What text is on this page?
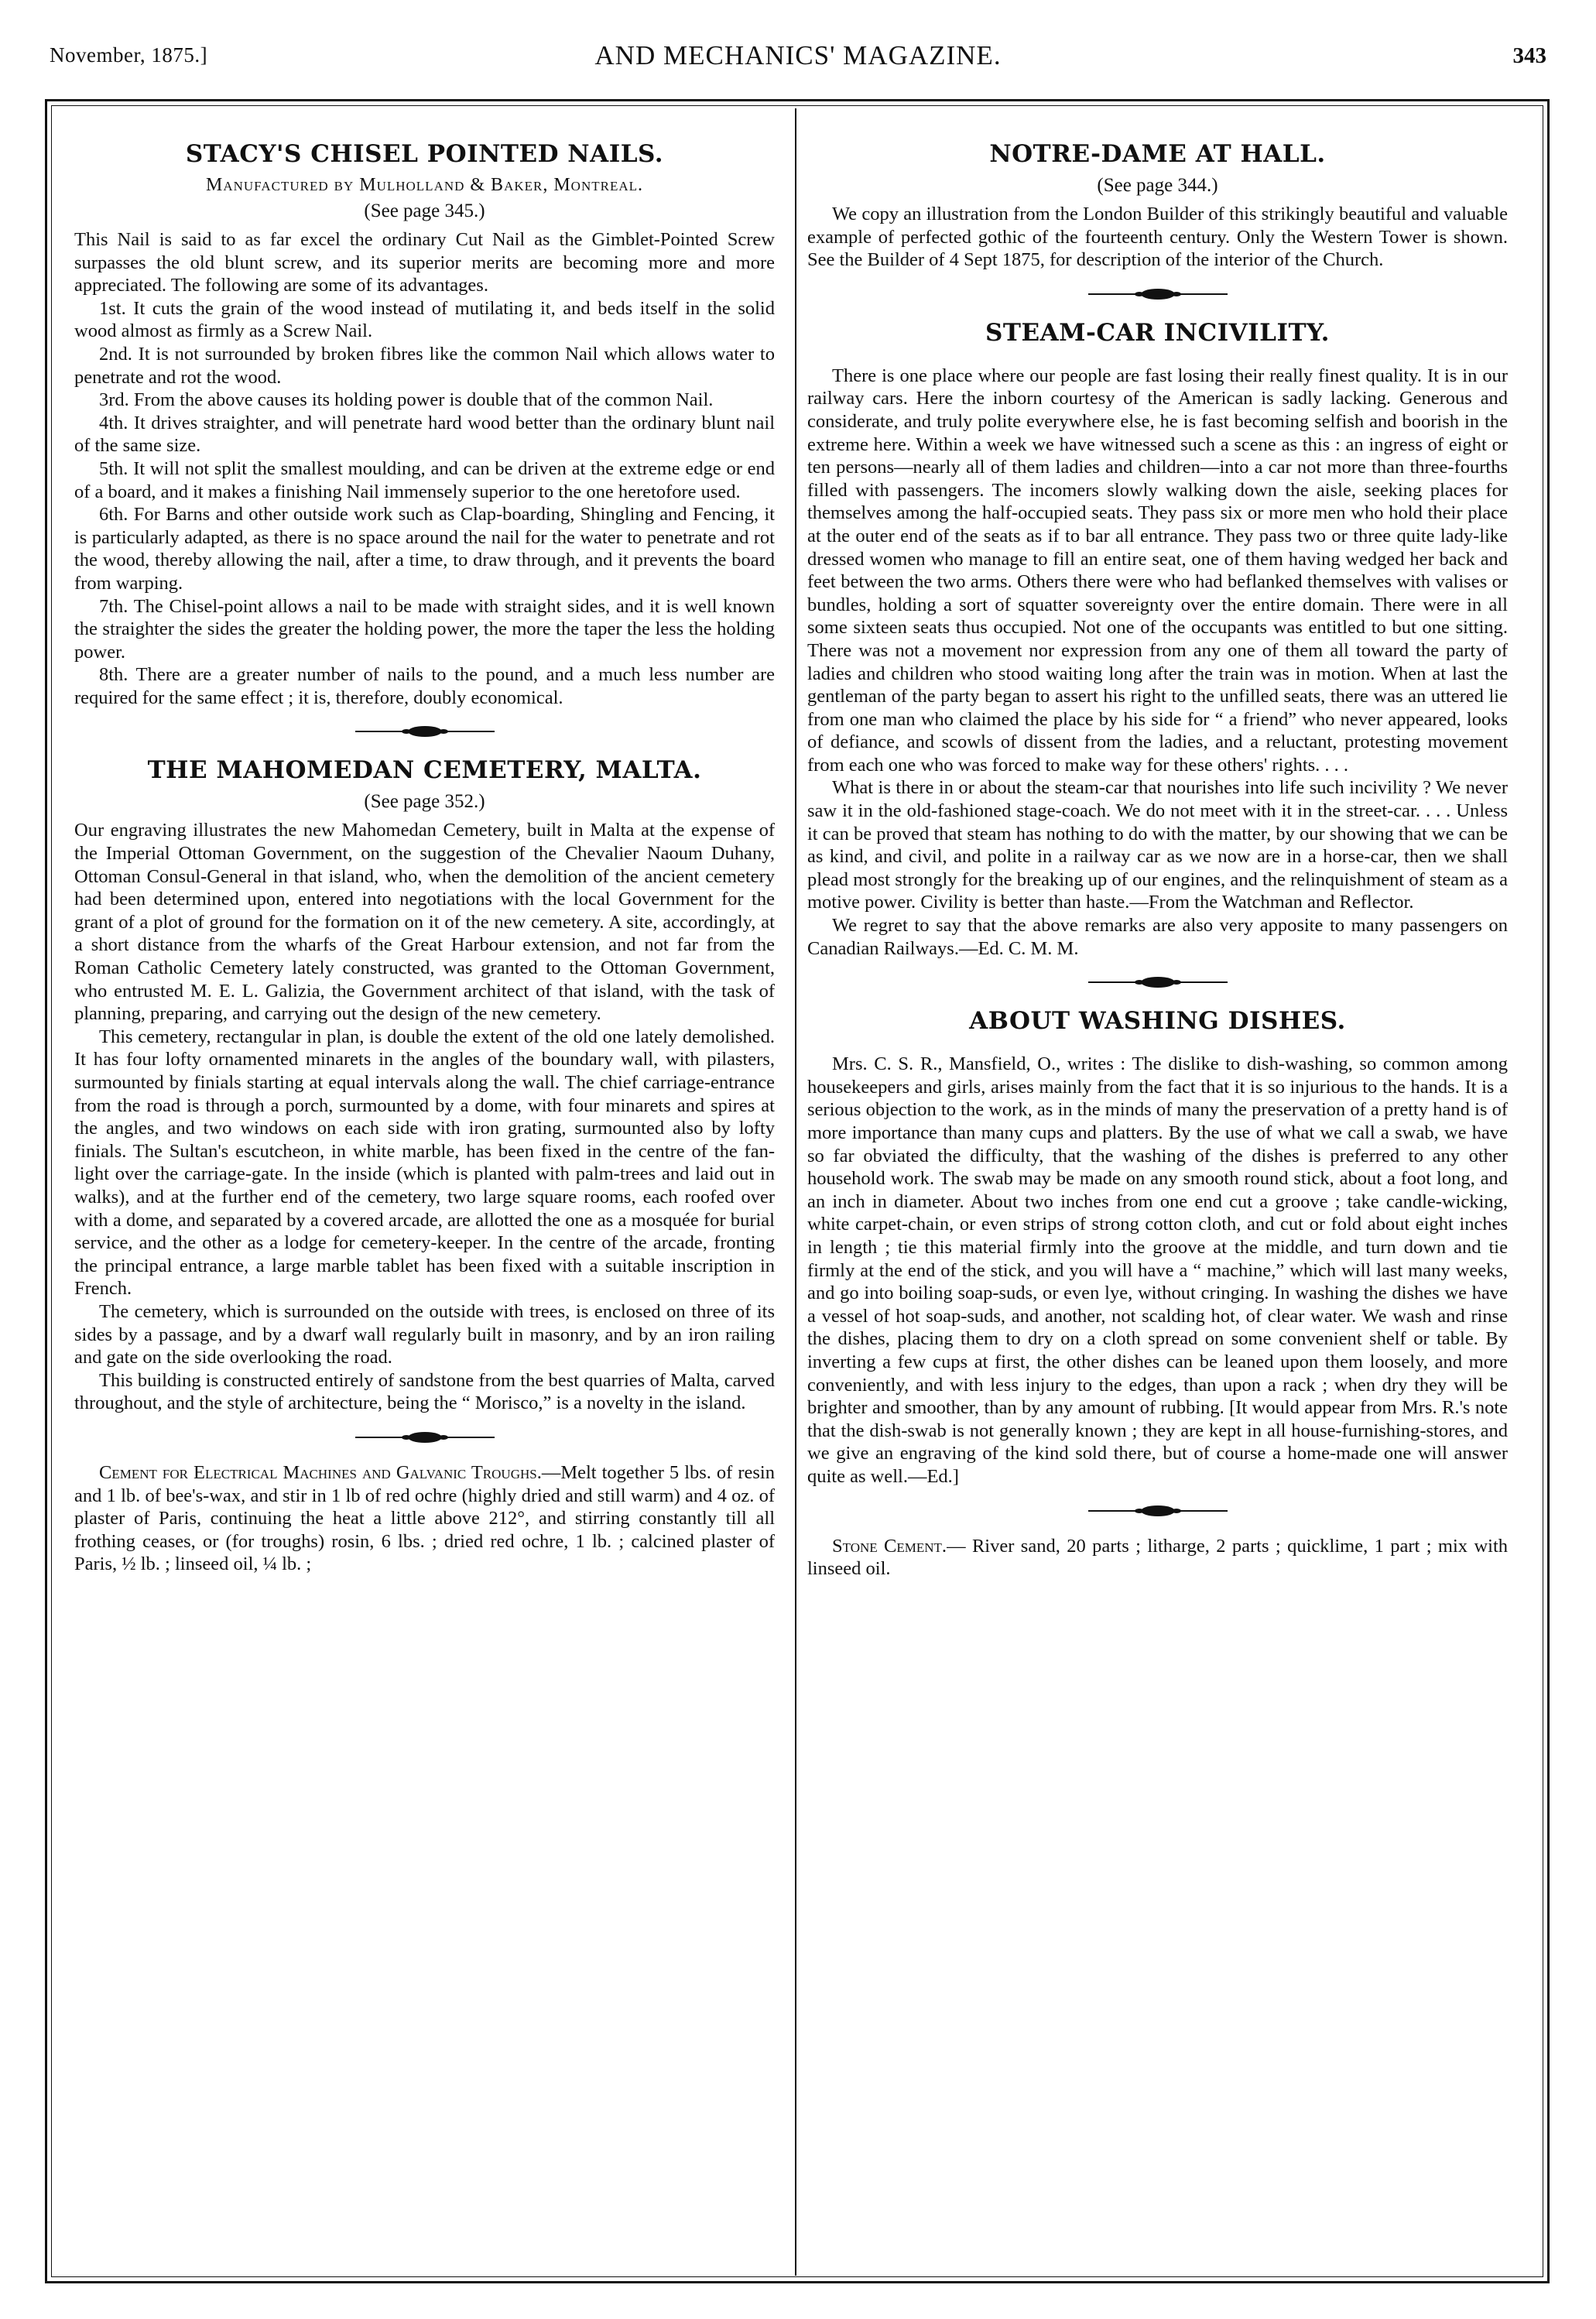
November, 1875.]	AND MECHANICS' MAGAZINE.	343
STACY'S CHISEL POINTED NAILS.
Manufactured by Mulholland & Baker, Montreal.
(See page 345.)

This Nail is said to as far excel the ordinary Cut Nail as the Gimblet-Pointed Screw surpasses the old blunt screw, and its superior merits are becoming more and more appreciated. The following are some of its advantages.

1st. It cuts the grain of the wood instead of mutilating it, and beds itself in the solid wood almost as firmly as a Screw Nail.

2nd. It is not surrounded by broken fibres like the common Nail which allows water to penetrate and rot the wood.

3rd. From the above causes its holding power is double that of the common Nail.

4th. It drives straighter, and will penetrate hard wood better than the ordinary blunt nail of the same size.

5th. It will not split the smallest moulding, and can be driven at the extreme edge or end of a board, and it makes a finishing Nail immensely superior to the one heretofore used.

6th. For Barns and other outside work such as Clap-boarding, Shingling and Fencing, it is particularly adapted, as there is no space around the nail for the water to penetrate and rot the wood, thereby allowing the nail, after a time, to draw through, and it prevents the board from warping.

7th. The Chisel-point allows a nail to be made with straight sides, and it is well known the straighter the sides the greater the holding power, the more the taper the less the holding power.

8th. There are a greater number of nails to the pound, and a much less number are required for the same effect ; it is, therefore, doubly economical.

THE MAHOMEDAN CEMETERY, MALTA.
(See page 352.)

Our engraving illustrates the new Mahomedan Cemetery, built in Malta at the expense of the Imperial Ottoman Government, on the suggestion of the Chevalier Naoum Duhany, Ottoman Consul-General in that island, who, when the demolition of the ancient cemetery had been determined upon, entered into negotiations with the local Government for the grant of a plot of ground for the formation on it of the new cemetery. A site, accordingly, at a short distance from the wharfs of the Great Harbour extension, and not far from the Roman Catholic Cemetery lately constructed, was granted to the Ottoman Government, who entrusted M. E. L. Galizia, the Government architect of that island, with the task of planning, preparing, and carrying out the design of the new cemetery.

This cemetery, rectangular in plan, is double the extent of the old one lately demolished. It has four lofty ornamented minarets in the angles of the boundary wall, with pilasters, surmounted by finials starting at equal intervals along the wall. The chief carriage-entrance from the road is through a porch, surmounted by a dome, with four minarets and spires at the angles, and two windows on each side with iron grating, surmounted also by lofty finials. The Sultan's escutcheon, in white marble, has been fixed in the centre of the fan-light over the carriage-gate. In the inside (which is planted with palm-trees and laid out in walks), and at the further end of the cemetery, two large square rooms, each roofed over with a dome, and separated by a covered arcade, are allotted the one as a mosquée for burial service, and the other as a lodge for cemetery-keeper. In the centre of the arcade, fronting the principal entrance, a large marble tablet has been fixed with a suitable inscription in French.

The cemetery, which is surrounded on the outside with trees, is enclosed on three of its sides by a passage, and by a dwarf wall regularly built in masonry, and by an iron railing and gate on the side overlooking the road.

This building is constructed entirely of sandstone from the best quarries of Malta, carved throughout, and the style of architecture, being the “ Morisco,” is a novelty in the island.

Cement for Electrical Machines and Galvanic Troughs.—Melt together 5 lbs. of resin and 1 lb. of bee's-wax, and stir in 1 lb of red ochre (highly dried and still warm) and 4 oz. of plaster of Paris, continuing the heat a little above 212°, and stirring constantly till all frothing ceases, or (for troughs) rosin, 6 lbs. ; dried red ochre, 1 lb. ; calcined plaster of Paris, ½ lb. ; linseed oil, ¼ lb. ;

NOTRE-DAME AT HALL.
(See page 344.)

We copy an illustration from the London Builder of this strikingly beautiful and valuable example of perfected gothic of the fourteenth century. Only the Western Tower is shown. See the Builder of 4 Sept 1875, for description of the interior of the Church.

STEAM-CAR INCIVILITY.

There is one place where our people are fast losing their really finest quality. It is in our railway cars. Here the inborn courtesy of the American is sadly lacking. Generous and considerate, and truly polite everywhere else, he is fast becoming selfish and boorish in the extreme here. Within a week we have witnessed such a scene as this : an ingress of eight or ten persons—nearly all of them ladies and children—into a car not more than three-fourths filled with passengers. The incomers slowly walking down the aisle, seeking places for themselves among the half-occupied seats. They pass six or more men who hold their place at the outer end of the seats as if to bar all entrance. They pass two or three quite lady-like dressed women who manage to fill an entire seat, one of them having wedged her back and feet between the two arms. Others there were who had beflanked themselves with valises or bundles, holding a sort of squatter sovereignty over the entire domain. There were in all some sixteen seats thus occupied. Not one of the occupants was entitled to but one sitting. There was not a movement nor expression from any one of them all toward the party of ladies and children who stood waiting long after the train was in motion. When at last the gentleman of the party began to assert his right to the unfilled seats, there was an uttered lie from one man who claimed the place by his side for “ a friend” who never appeared, looks of defiance, and scowls of dissent from the ladies, and a reluctant, protesting movement from each one who was forced to make way for these others' rights. . . .

What is there in or about the steam-car that nourishes into life such incivility ? We never saw it in the old-fashioned stage-coach. We do not meet with it in the street-car. . . . Unless it can be proved that steam has nothing to do with the matter, by our showing that we can be as kind, and civil, and polite in a railway car as we now are in a horse-car, then we shall plead most strongly for the breaking up of our engines, and the relinquishment of steam as a motive power. Civility is better than haste.—From the Watchman and Reflector.

We regret to say that the above remarks are also very apposite to many passengers on Canadian Railways.—Ed. C. M. M.

ABOUT WASHING DISHES.

Mrs. C. S. R., Mansfield, O., writes : The dislike to dish-washing, so common among housekeepers and girls, arises mainly from the fact that it is so injurious to the hands. It is a serious objection to the work, as in the minds of many the preservation of a pretty hand is of more importance than many cups and platters. By the use of what we call a swab, we have so far obviated the difficulty, that the washing of the dishes is preferred to any other household work. The swab may be made on any smooth round stick, about a foot long, and an inch in diameter. About two inches from one end cut a groove ; take candle-wicking, white carpet-chain, or even strips of strong cotton cloth, and cut or fold about eight inches in length ; tie this material firmly into the groove at the middle, and turn down and tie firmly at the end of the stick, and you will have a “ machine,” which will last many weeks, and go into boiling soap-suds, or even lye, without cringing. In washing the dishes we have a vessel of hot soap-suds, and another, not scalding hot, of clear water. We wash and rinse the dishes, placing them to dry on a cloth spread on some convenient shelf or table. By inverting a few cups at first, the other dishes can be leaned upon them loosely, and more conveniently, and with less injury to the edges, than upon a rack ; when dry they will be brighter and smoother, than by any amount of rubbing. [It would appear from Mrs. R.'s note that the dish-swab is not generally known ; they are kept in all house-furnishing-stores, and we give an engraving of the kind sold there, but of course a home-made one will answer quite as well.—Ed.]

Stone Cement.— River sand, 20 parts ; litharge, 2 parts ; quicklime, 1 part ; mix with linseed oil.
